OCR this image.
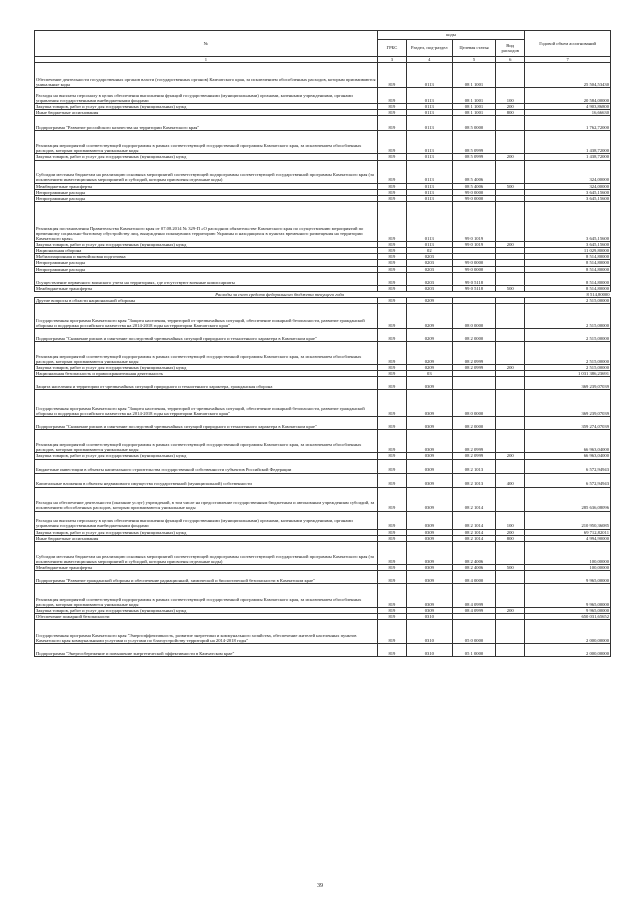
№	коды				Годовой объем ассигнований
	ГРБС	Раздел, под-раздел	Целевая статья	Вид расходов	
1	3	4	5	6	7
Обеспечение деятельности государственных органов власти (государственных органов) Камчатского края, за исключением обособленных расходов, которым присваиваются уникальные коды	819	0113	08 1 1001		25 504,53430
Расходы на выплаты персоналу в целях обеспечения выполнения функций государственными (муниципальными) органами, казенными учреждениями, органами управления государственными внебюджетными фондами	819	0113	08 1 1001	100	20 584,00000
Закупка товаров, работ и услуг для государственных (муниципальных) нужд	819	0113	08 1 1001	200	4 903,86800
Иные бюджетные ассигнования	819	0113	08 1 1001	800	16,66630
Подпрограмма "Развитие российского казачества на территории Камчатского края"	819	0113	08 5 0000		1 762,72000
Реализация мероприятий соответствующей подпрограммы в рамках соответствующей государственной программы Камчатского края, за исключением обособленных расходов, которым присваиваются уникальные коды	819	0113	08 5 0999		1 438,72000
Закупка товаров, работ и услуг для государственных (муниципальных) нужд	819	0113	08 5 0999	200	1 438,72000
Субсидии местным бюджетам на реализацию основных мероприятий соответствующей подпрограммы соответствующей государственной программы Камчатского края (за исключением инвестиционных мероприятий и субсидий, которым присвоены отдельные коды)	819	0113	08 5 4006		324,00000
Межбюджетные трансферты	819	0113	08 5 4006	500	324,00000
Непрограммные расходы	819	0113	99 0 0000		3 645,15600
Непрограммные расходы	819	0113	99 0 0000		3 645,15600
Реализация постановления Правительства Камчатского края от 07.08.2014 № 329-П «О расходном обязательстве Камчатского края по осуществлению мероприятий по временному социально-бытовому обустройству лиц, вынужденно покинувших территорию Украины и находящихся в пунктах временного размещения на территории Камчатского края»	819	0113	99 0 1019		3 645,15600
Закупка товаров, работ и услуг для государственных (муниципальных) нужд	819	0113	99 0 1019	200	3 645,15600
Национальная оборона	819	02			11 029,80000
Мобилизационная и вневойсковая подготовка	819	0203			8 514,80000
Непрограммные расходы	819	0203	99 0 0000		8 514,80000
Непрограммные расходы	819	0203	99 0 0000		8 514,80000
Осуществление первичного воинского учета на территориях, где отсутствуют военные комиссариаты	819	0203	99 0 5118		8 514,80000
Межбюджетные трансферты	819	0203	99 0 5118	500	8 514,80000
Расходы за счет средств федерального бюджета текущего года					8 514,80000
Другие вопросы в области национальной обороны	819	0209			2 515,00000
Государственная программа Камчатского края "Защита населения, территорий от чрезвычайных ситуаций, обеспечение пожарной безопасности, развитие гражданской обороны и поддержка российского казачества на 2014-2018 годы на территории Камчатского края"	819	0209	08 0 0000		2 515,00000
Подпрограмма "Снижение рисков и смягчение последствий чрезвычайных ситуаций природного и техногенного характера в Камчатском крае"	819	0209	08 2 0000		2 515,00000
Реализация мероприятий соответствующей подпрограммы в рамках соответствующей государственной программы Камчатского края, за исключением обособленных расходов, которым присваиваются уникальные коды	819	0209	08 2 0999		2 515,00000
Закупка товаров, работ и услуг для государственных (муниципальных) нужд	819	0209	08 2 0999	200	2 515,00000
Национальная безопасность и правоохранительная деятельность	819	03			1 031 386,23691
Защита населения и территории от чрезвычайных ситуаций природного и техногенного характера, гражданская оборона	819	0309			369 239,07039
Государственная программа Камчатского края "Защита населения, территорий от чрезвычайных ситуаций, обеспечение пожарной безопасности, развитие гражданской обороны и поддержка российского казачества на 2014-2018 годы на территории Камчатского края"	819	0309	08 0 0000		369 239,07039
Подпрограмма "Снижение рисков и смягчение последствий чрезвычайных ситуаций природного и техногенного характера в Камчатском крае"	819	0309	08 2 0000		359 274,07039
Реализация мероприятий соответствующей подпрограммы в рамках соответствующей государственной программы Камчатского края, за исключением обособленных расходов, которым присваиваются уникальные коды	819	0309	08 2 0999		66 963,04000
Закупка товаров, работ и услуг для государственных (муниципальных) нужд	819	0309	08 2 0999	200	66 963,04000
Бюджетные инвестиции в объекты капитального строительства государственной собственности субъектов Российской Федерации	819	0309	08 2 1013		6 572,94943
Капитальные вложения в объекты недвижимого имущества государственной (муниципальной) собственности	819	0309	08 2 1013	400	6 572,94943
Расходы на обеспечение деятельности (оказание услуг) учреждений, в том числе на предоставление государственным бюджетным и автономным учреждениям субсидий, за исключением обособленных расходов, которым присваиваются уникальные коды	819	0309	08 2 1014		285 636,08096
Расходы на выплаты персоналу в целях обеспечения выполнения функций государственными (муниципальными) органами, казенными учреждениями, органами управления государственными внебюджетными фондами	819	0309	08 2 1014	100	210 950,36085
Закупка товаров, работ и услуг для государственных (муниципальных) нужд	819	0309	08 2 1014	200	69 712,82011
Иные бюджетные ассигнования	819	0309	08 2 1014	800	4 994,90000
Субсидии местным бюджетам на реализацию основных мероприятий соответствующей подпрограммы соответствующей государственной программы Камчатского края (за исключением инвестиционных мероприятий и субсидий, которым присвоены отдельные коды)	819	0309	08 2 4006		100,00000
Межбюджетные трансферты	819	0309	08 2 4006	500	100,00000
Подпрограмма "Развитие гражданской обороны и обеспечение радиационной, химической и биологической безопасности в Камчатском крае"	819	0309	08 4 0000		9 965,00000
Реализация мероприятий соответствующей подпрограммы в рамках соответствующей государственной программы Камчатского края, за исключением обособленных расходов, которым присваиваются уникальные коды	819	0309	08 4 0999		9 965,00000
Закупка товаров, работ и услуг для государственных (муниципальных) нужд	819	0309	08 4 0999	200	9 965,00000
Обеспечение пожарной безопасности	819	0310			650 031,65652
Государственная программа Камчатского края "Энергоэффективность, развитие энергетики и коммунального хозяйства, обеспечение жителей населенных пунктов Камчатского края коммунальными услугами и услугами по благоустройству территорий на 2014-2018 годы"	819	0310	05 0 0000		2 000,00000
Подпрограмма "Энергосбережение и повышение энергетической эффективности в Камчатском крае"	819	0310	05 1 0000		2 000,00000
39
